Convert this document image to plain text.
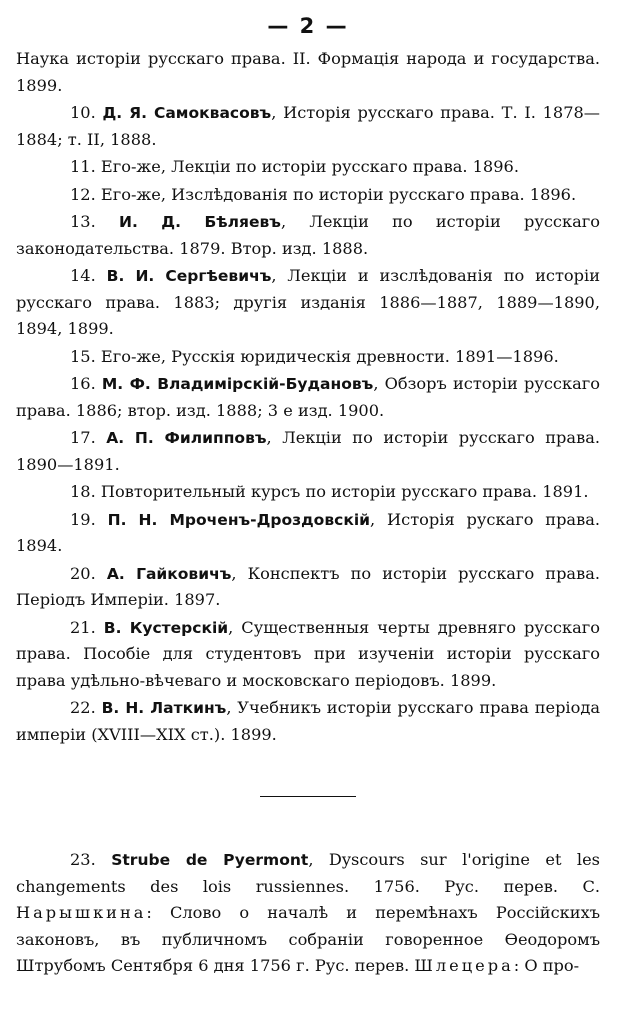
— 2 —

Наука исторіи русскаго права. II. Формація народа и государства. 1899.

10. Д. Я. Самоквасовъ, Исторія русскаго права. Т. I. 1878—1884; т. II, 1888.

11. Его-же, Лекціи по исторіи русскаго права. 1896.

12. Его-же, Изслѣдованія по исторіи русскаго права. 1896.

13. И. Д. Бѣляевъ, Лекціи по исторіи русскаго законодательства. 1879. Втор. изд. 1888.

14. В. И. Сергѣевичъ, Лекціи и изслѣдованія по исторіи русскаго права. 1883; другія изданія 1886—1887, 1889—1890, 1894, 1899.

15. Его-же, Русскія юридическія древности. 1891—1896.

16. М. Ф. Владимірскій-Будановъ, Обзоръ исторіи русскаго права. 1886; втор. изд. 1888; 3 е изд. 1900.

17. А. П. Филипповъ, Лекціи по исторіи русскаго права. 1890—1891.

18. Повторительный курсъ по исторіи русскаго права. 1891.

19. П. Н. Мроченъ-Дроздовскій, Исторія рускаго права. 1894.

20. А. Гайковичъ, Конспектъ по исторіи русскаго права. Періодъ Имперіи. 1897.

21. В. Кустерскій, Существенныя черты древняго русскаго права. Пособіе для студентовъ при изученіи исторіи русскаго права удѣльно-вѣчеваго и московскаго періодовъ. 1899.

22. В. Н. Латкинъ, Учебникъ исторіи русскаго права періода имперіи (XVIII—XIX ст.). 1899.

23. Strube de Pyermont, Dyscours sur l'origine et les changements des lois russiennes. 1756. Рус. перев. С. Нарышкина: Слово о началѣ и перемѣнахъ Россійскихъ законовъ, въ публичномъ собраніи говоренное Өеодоромъ Штрубомъ Сентября 6 дня 1756 г. Рус. перев. Шлецера: О про-
